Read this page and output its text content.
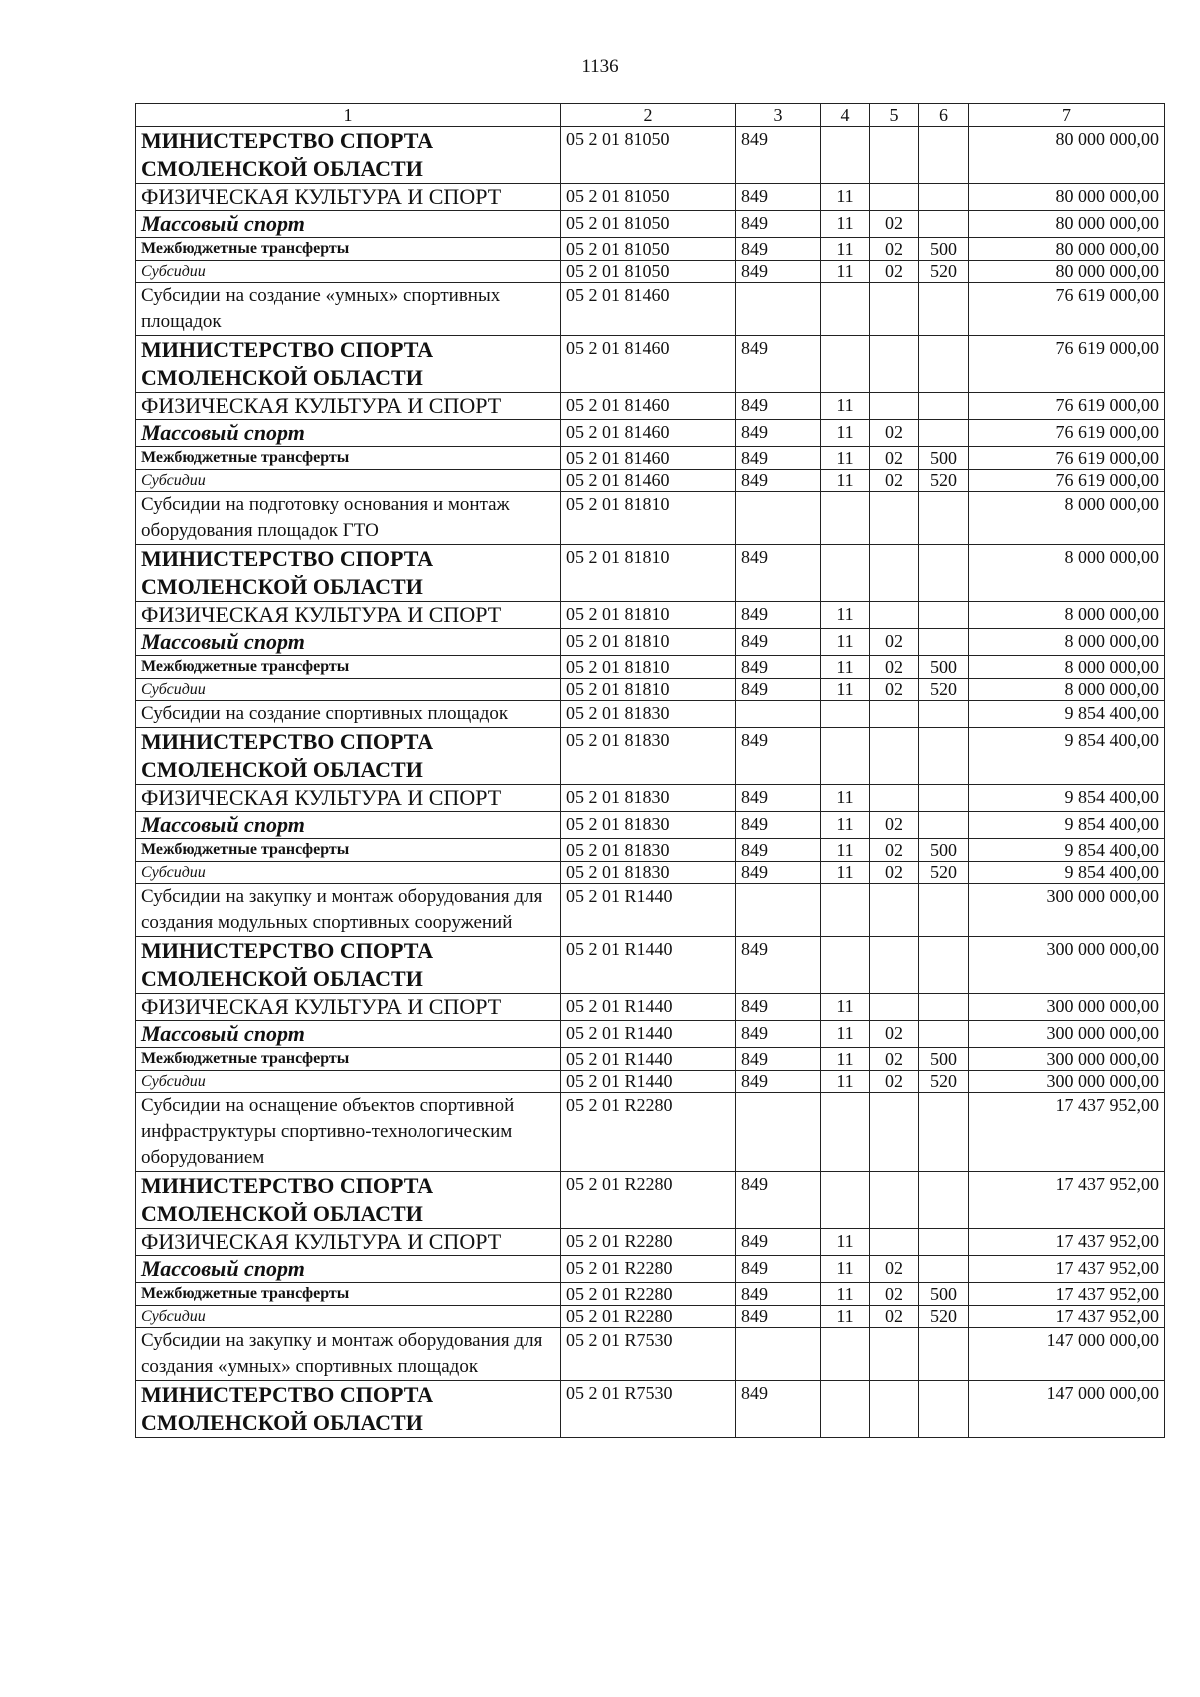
1136
1	2	3	4	5	6	7
МИНИСТЕРСТВО СПОРТА СМОЛЕНСКОЙ ОБЛАСТИ	05 2 01 81050	849				80 000 000,00
ФИЗИЧЕСКАЯ КУЛЬТУРА И СПОРТ	05 2 01 81050	849	11			80 000 000,00
Массовый спорт	05 2 01 81050	849	11	02		80 000 000,00
Межбюджетные трансферты	05 2 01 81050	849	11	02	500	80 000 000,00
Субсидии	05 2 01 81050	849	11	02	520	80 000 000,00
Субсидии на создание «умных» спортивных площадок	05 2 01 81460					76 619 000,00
МИНИСТЕРСТВО СПОРТА СМОЛЕНСКОЙ ОБЛАСТИ	05 2 01 81460	849				76 619 000,00
ФИЗИЧЕСКАЯ КУЛЬТУРА И СПОРТ	05 2 01 81460	849	11			76 619 000,00
Массовый спорт	05 2 01 81460	849	11	02		76 619 000,00
Межбюджетные трансферты	05 2 01 81460	849	11	02	500	76 619 000,00
Субсидии	05 2 01 81460	849	11	02	520	76 619 000,00
Субсидии на подготовку основания и монтаж оборудования площадок ГТО	05 2 01 81810					8 000 000,00
МИНИСТЕРСТВО СПОРТА СМОЛЕНСКОЙ ОБЛАСТИ	05 2 01 81810	849				8 000 000,00
ФИЗИЧЕСКАЯ КУЛЬТУРА И СПОРТ	05 2 01 81810	849	11			8 000 000,00
Массовый спорт	05 2 01 81810	849	11	02		8 000 000,00
Межбюджетные трансферты	05 2 01 81810	849	11	02	500	8 000 000,00
Субсидии	05 2 01 81810	849	11	02	520	8 000 000,00
Субсидии на создание спортивных площадок	05 2 01 81830					9 854 400,00
МИНИСТЕРСТВО СПОРТА СМОЛЕНСКОЙ ОБЛАСТИ	05 2 01 81830	849				9 854 400,00
ФИЗИЧЕСКАЯ КУЛЬТУРА И СПОРТ	05 2 01 81830	849	11			9 854 400,00
Массовый спорт	05 2 01 81830	849	11	02		9 854 400,00
Межбюджетные трансферты	05 2 01 81830	849	11	02	500	9 854 400,00
Субсидии	05 2 01 81830	849	11	02	520	9 854 400,00
Субсидии на закупку и монтаж оборудования для создания модульных спортивных сооружений	05 2 01 R1440					300 000 000,00
МИНИСТЕРСТВО СПОРТА СМОЛЕНСКОЙ ОБЛАСТИ	05 2 01 R1440	849				300 000 000,00
ФИЗИЧЕСКАЯ КУЛЬТУРА И СПОРТ	05 2 01 R1440	849	11			300 000 000,00
Массовый спорт	05 2 01 R1440	849	11	02		300 000 000,00
Межбюджетные трансферты	05 2 01 R1440	849	11	02	500	300 000 000,00
Субсидии	05 2 01 R1440	849	11	02	520	300 000 000,00
Субсидии на оснащение объектов спортивной инфраструктуры спортивно-технологическим оборудованием	05 2 01 R2280					17 437 952,00
МИНИСТЕРСТВО СПОРТА СМОЛЕНСКОЙ ОБЛАСТИ	05 2 01 R2280	849				17 437 952,00
ФИЗИЧЕСКАЯ КУЛЬТУРА И СПОРТ	05 2 01 R2280	849	11			17 437 952,00
Массовый спорт	05 2 01 R2280	849	11	02		17 437 952,00
Межбюджетные трансферты	05 2 01 R2280	849	11	02	500	17 437 952,00
Субсидии	05 2 01 R2280	849	11	02	520	17 437 952,00
Субсидии на закупку и монтаж оборудования для создания «умных» спортивных площадок	05 2 01 R7530					147 000 000,00
МИНИСТЕРСТВО СПОРТА СМОЛЕНСКОЙ ОБЛАСТИ	05 2 01 R7530	849				147 000 000,00
